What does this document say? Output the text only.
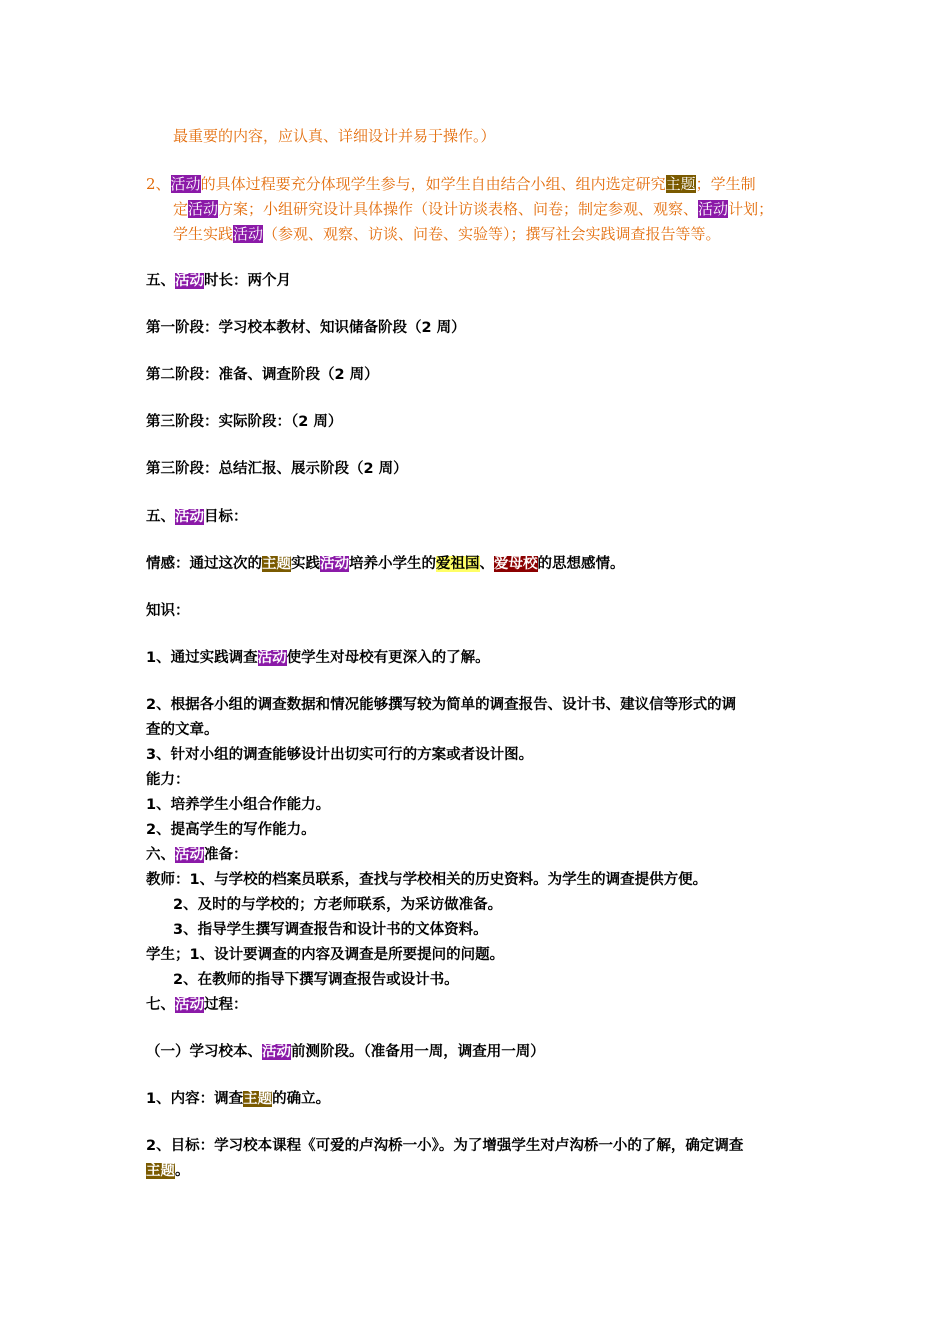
最重要的内容，应认真、详细设计并易于操作。）
2、活动的具体过程要充分体现学生参与，如学生自由结合小组、组内选定研究主题；学生制
定活动方案；小组研究设计具体操作（设计访谈表格、问卷；制定参观、观察、活动计划；
学生实践活动（参观、观察、访谈、问卷、实验等）；撰写社会实践调查报告等等。
五、活动时长：两个月
第一阶段：学习校本教材、知识储备阶段（2 周）
第二阶段：准备、调查阶段（2 周）
第三阶段：实际阶段：（2 周）
第三阶段：总结汇报、展示阶段（2 周）
五、活动目标：
情感：通过这次的主题实践活动培养小学生的爱祖国、爱母校的思想感情。
知识：
1、通过实践调查活动使学生对母校有更深入的了解。
2、根据各小组的调查数据和情况能够撰写较为简单的调查报告、设计书、建议信等形式的调
查的文章。
3、针对小组的调查能够设计出切实可行的方案或者设计图。
能力：
1、培养学生小组合作能力。
2、提高学生的写作能力。
六、活动准备：
教师：1、与学校的档案员联系，查找与学校相关的历史资料。为学生的调查提供方便。
2、及时的与学校的；方老师联系，为采访做准备。
3、指导学生撰写调查报告和设计书的文体资料。
学生；1、设计要调查的内容及调查是所要提问的问题。
2、在教师的指导下撰写调查报告或设计书。
七、活动过程：
（一）学习校本、活动前测阶段。（准备用一周，调查用一周）
1、内容：调查主题的确立。
2、目标：学习校本课程《可爱的卢沟桥一小》。为了增强学生对卢沟桥一小的了解，确定调查
主题。
